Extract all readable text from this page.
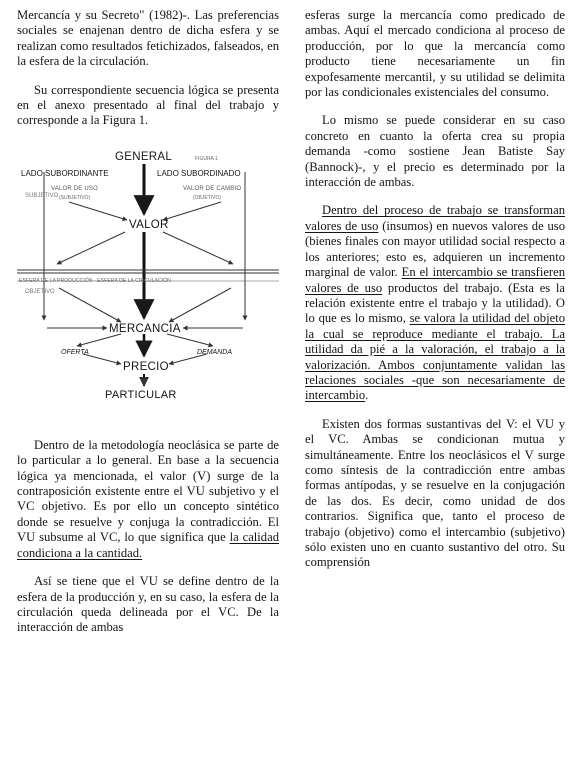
Mercancía y su Secreto" (1982)-. Las preferencias sociales se enajenan dentro de dicha esfera y se realizan como resultados fetichizados, falseados, en la esfera de la circulación.

Su correspondiente secuencia lógica se presenta en el anexo presentado al final del trabajo y corresponde a la Figura 1.

GENERAL	FIGURA 1
LADO SUBORDINANTE	LADO SUBORDINADO
VALOR DE USO
(SUBJETIVO)
VALOR DE CAMBIO
(OBJETIVO)
VALOR
SUBJETIVO
ESFERA DE LA PRODUCCIÓN · ESFERA DE LA CIRCULACIÓN
OBJETIVO
MERCANCIA
OFERTA	DEMANDA
PRECIO
PARTICULAR

Dentro de la metodología neoclásica se parte de lo particular a lo general. En base a la secuencia lógica ya mencionada, el valor (V) surge de la contraposición existente entre el VU subjetivo y el VC objetivo. Es por ello un concepto sintético donde se resuelve y conjuga la contradicción. El VU subsume al VC, lo que significa que la calidad condiciona a la cantidad.

Así se tiene que el VU se define dentro de la esfera de la producción y, en su caso, la esfera de la circulación queda delineada por el VC. De la interacción de ambas

esferas surge la mercancía como predicado de ambas. Aquí el mercado condiciona al proceso de producción, por lo que la mercancía como producto tiene necesariamente un fin expofesamente mercantil, y su utilidad se delimita por las condicionales existenciales del consumo.

Lo mismo se puede considerar en su caso concreto en cuanto la oferta crea su propia demanda -como sostiene Jean Batiste Say (Bannock)-, y el precio es determinado por la interacción de ambas.

Dentro del proceso de trabajo se transforman valores de uso (insumos) en nuevos valores de uso (bienes finales con mayor utilidad social respecto a los anteriores; esto es, adquieren un incremento marginal de valor. En el intercambio se transfieren valores de uso productos del trabajo. (Esta es la relación existente entre el trabajo y la utilidad). O lo que es lo mismo, se valora la utilidad del objeto la cual se reproduce mediante el trabajo. La utilidad da pié a la valoración, el trabajo a la valorización. Ambos conjuntamente validan las relaciones sociales -que son necesariamente de intercambio.

Existen dos formas sustantivas del V: el VU y el VC. Ambas se condicionan mutua y simultáneamente. Entre los neoclásicos el V surge como síntesis de la contradicción entre ambas formas antípodas, y se resuelve en la conjugación de las dos. Es decir, como unidad de dos contrarios. Significa que, tanto el proceso de trabajo (objetivo) como el intercambio (subjetivo) sólo existen uno en cuanto sustantivo del otro. Su comprensión
